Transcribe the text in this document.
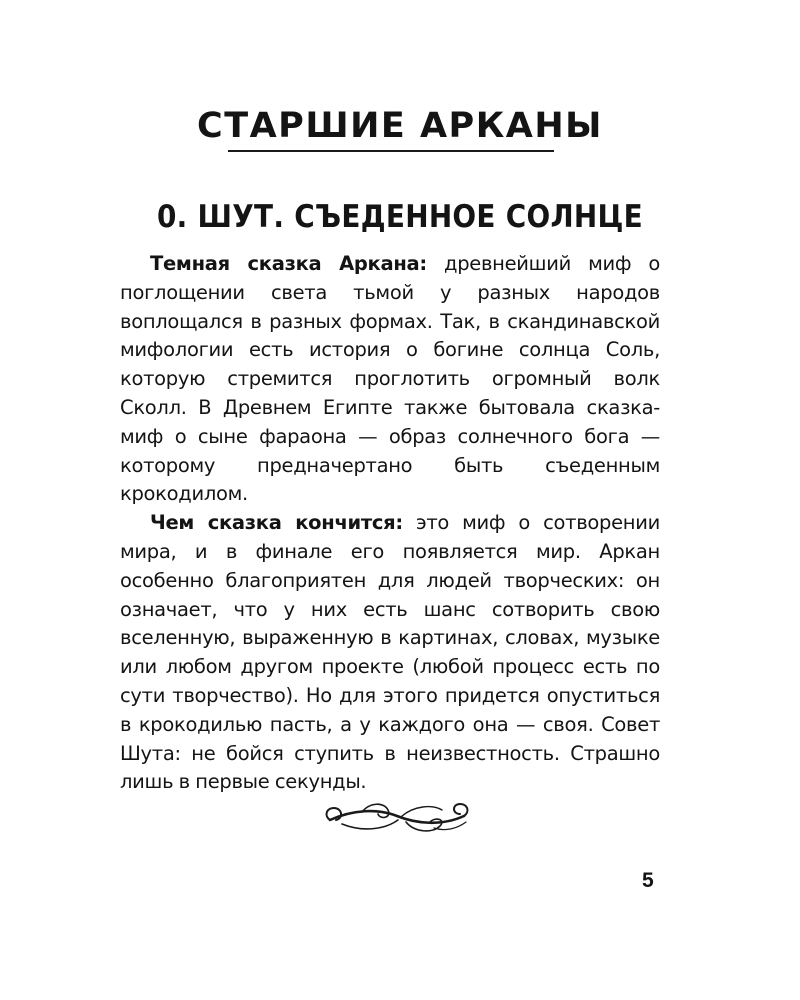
СТАРШИЕ АРКАНЫ
0. ШУТ. СЪЕДЕННОЕ СОЛНЦЕ

Темная сказка Аркана: древнейший миф о поглощении света тьмой у разных народов воплощался в разных формах. Так, в скандинавской мифологии есть история о богине солнца Соль, которую стремится проглотить огромный волк Сколл. В Древнем Египте также бытовала сказка-миф о сыне фараона — образ солнечного бога — которому предначертано быть съеденным крокодилом.

Чем сказка кончится: это миф о сотворении мира, и в финале его появляется мир. Аркан особенно благоприятен для людей творческих: он означает, что у них есть шанс сотворить свою вселенную, выраженную в картинах, словах, музыке или любом другом проекте (любой процесс есть по сути творчество). Но для этого придется опуститься в крокодилью пасть, а у каждого она — своя. Совет Шута: не бойся ступить в неизвестность. Страшно лишь в первые секунды.

5
